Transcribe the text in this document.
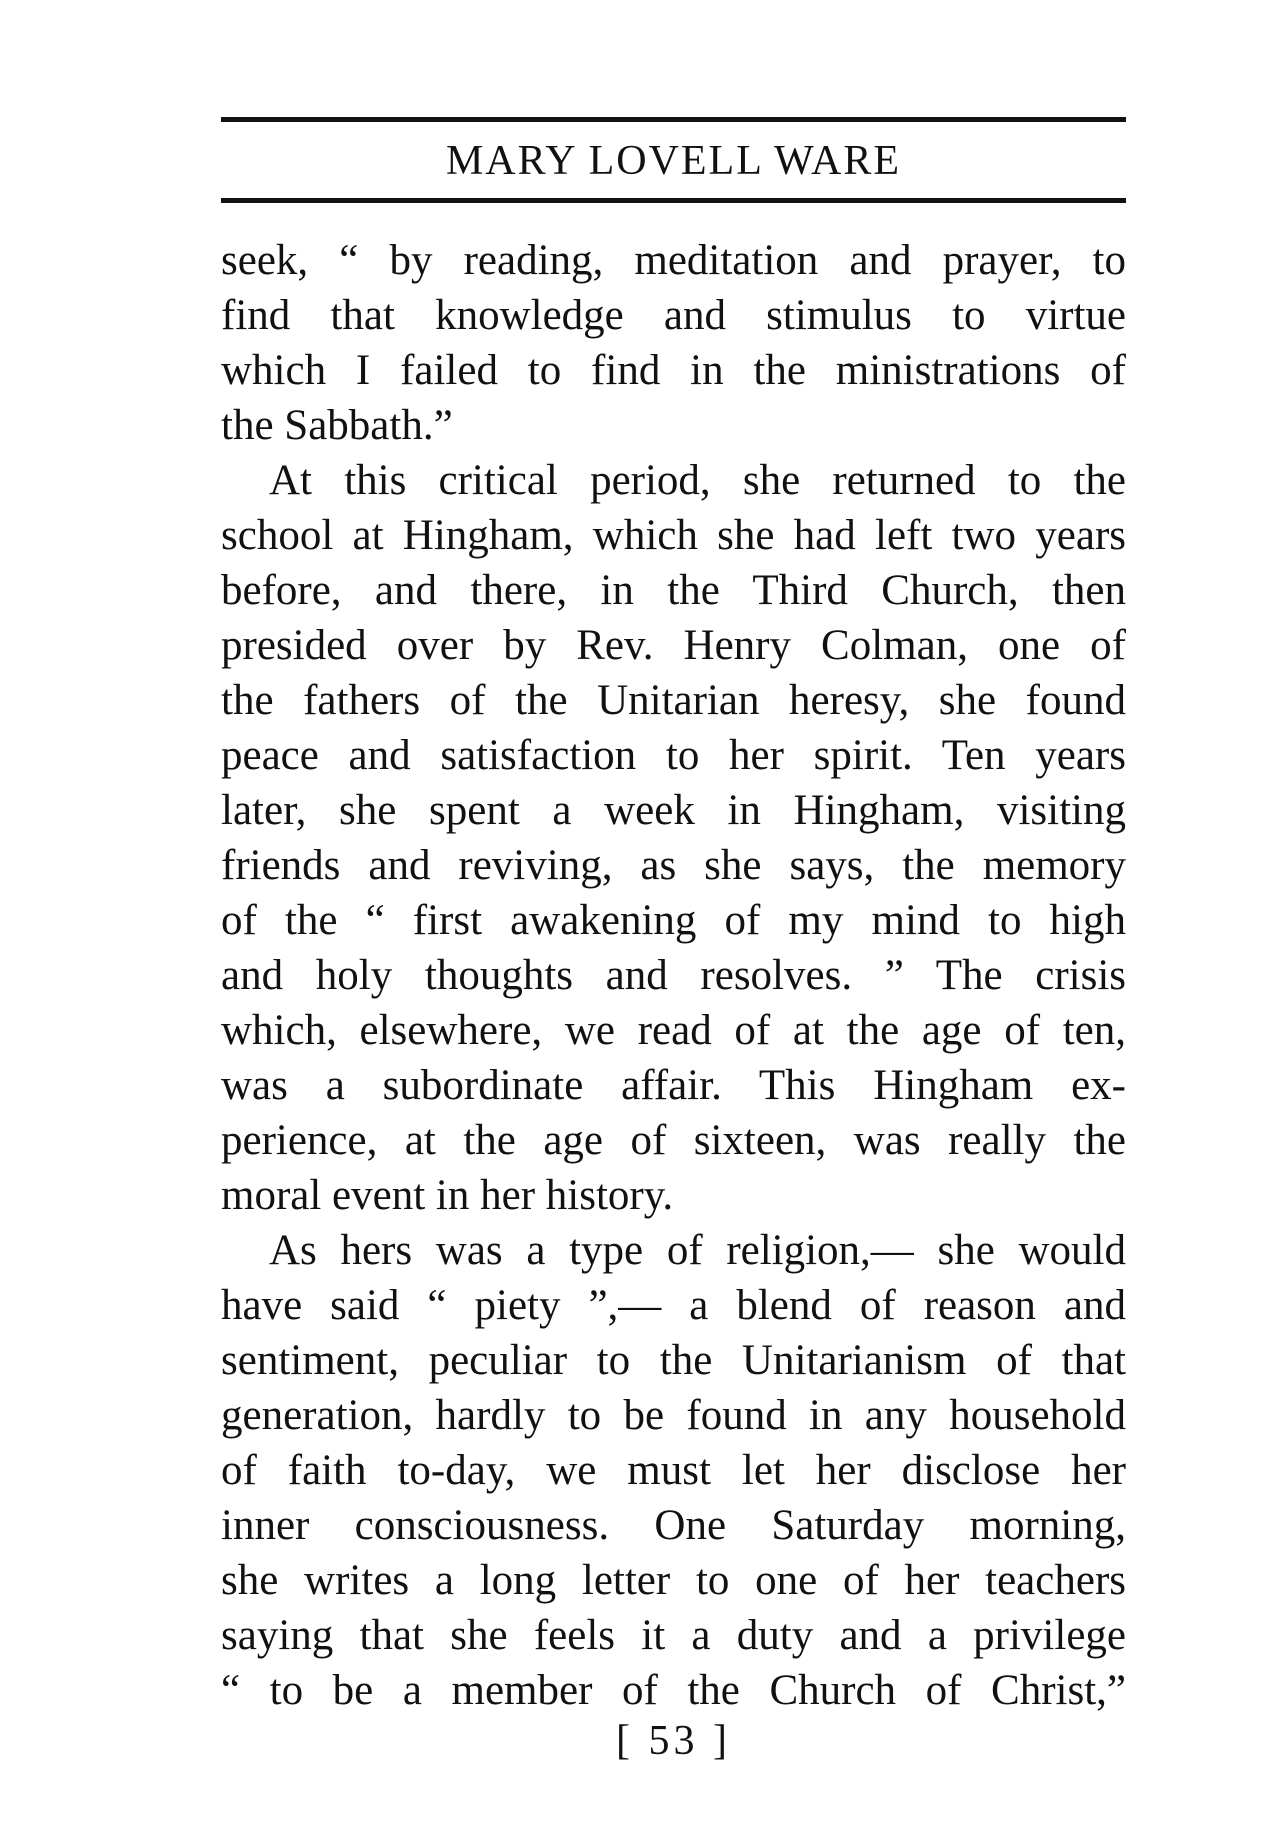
MARY LOVELL WARE
seek, “ by reading, meditation and prayer, to
find that knowledge and stimulus to virtue
which I failed to find in the ministrations of
the Sabbath.”
At this critical period, she returned to the
school at Hingham, which she had left two years
before, and there, in the Third Church, then
presided over by Rev. Henry Colman, one of
the fathers of the Unitarian heresy, she found
peace and satisfaction to her spirit. Ten years
later, she spent a week in Hingham, visiting
friends and reviving, as she says, the memory
of the “ first awakening of my mind to high
and holy thoughts and resolves. ” The crisis
which, elsewhere, we read of at the age of ten,
was a subordinate affair. This Hingham ex-
perience, at the age of sixteen, was really the
moral event in her history.
As hers was a type of religion,— she would
have said “ piety ”,— a blend of reason and
sentiment, peculiar to the Unitarianism of that
generation, hardly to be found in any household
of faith to-day, we must let her disclose her
inner consciousness. One Saturday morning,
she writes a long letter to one of her teachers
saying that she feels it a duty and a privilege
“ to be a member of the Church of Christ,”
[ 53 ]
